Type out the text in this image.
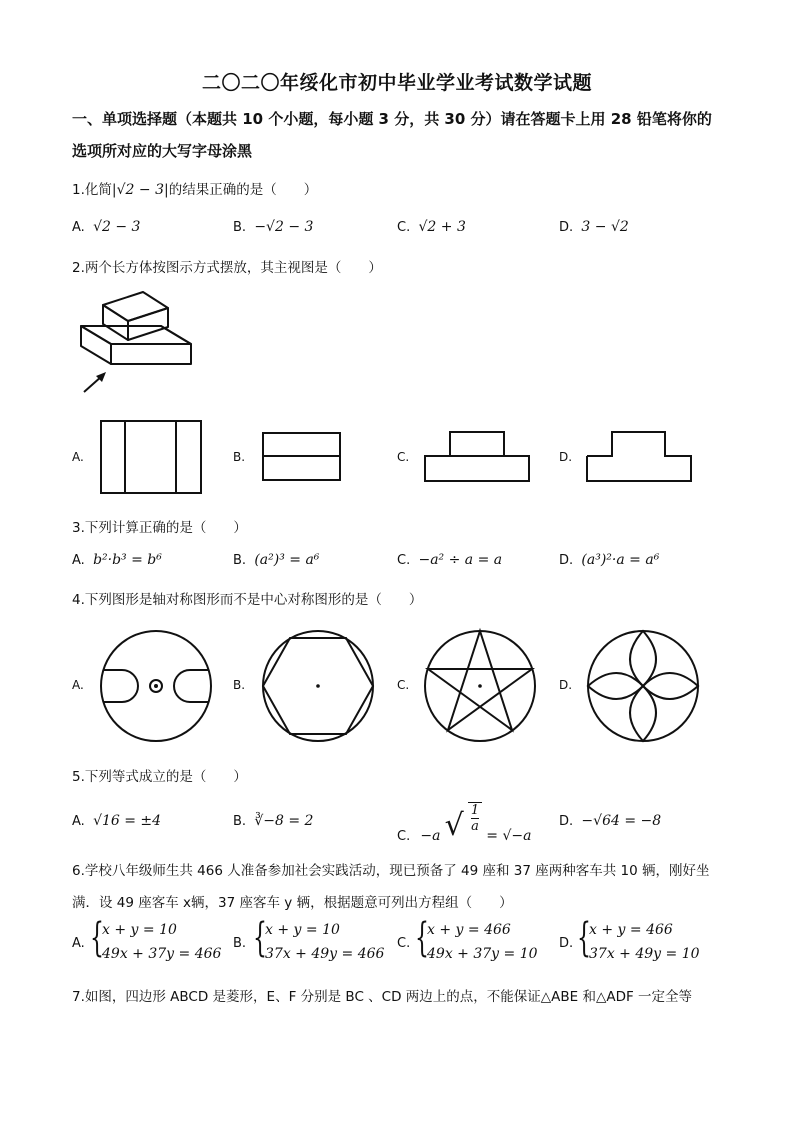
二〇二〇年绥化市初中毕业学业考试数学试题
一、单项选择题（本题共 10 个小题，每小题 3 分，共 30 分）请在答题卡上用 28 铅笔将你的
选项所对应的大写字母涂黑
1.化简|√2 − 3|的结果正确的是（　　）
A. √2 − 3	B. −√2 − 3	C. √2 + 3	D. 3 − √2
2.两个长方体按图示方式摆放，其主视图是（　　）
A.	B.	C.	D.
3.下列计算正确的是（　　）
A. b²·b³ = b⁶	B. (a²)³ = a⁶	C. −a² ÷ a = a	D. (a³)²·a = a⁶
4.下列图形是轴对称图形而不是中心对称图形的是（　　）
A.	B.	C.	D.
5.下列等式成立的是（　　）
A. √16 = ±4	B. ∛−8 = 2
C. −a √ $\frac{1}{a}$
= √−a
D. −√64 = −8
6.学校八年级师生共 466 人准备参加社会实践活动，现已预备了 49 座和 37 座两种客车共 10 辆，刚好坐
满．设 49 座客车 x辆，37 座客车 y 辆，根据题意可列出方程组（　　）
A. {
x + y = 10
49x + 37y = 466
B. {
x + y = 10
37x + 49y = 466
C. {
x + y = 466
49x + 37y = 10
D. {
x + y = 466
37x + 49y = 10
7.如图，四边形 ABCD 是菱形，E、F 分别是 BC 、CD 两边上的点，不能保证△ABE 和△ADF 一定全等
